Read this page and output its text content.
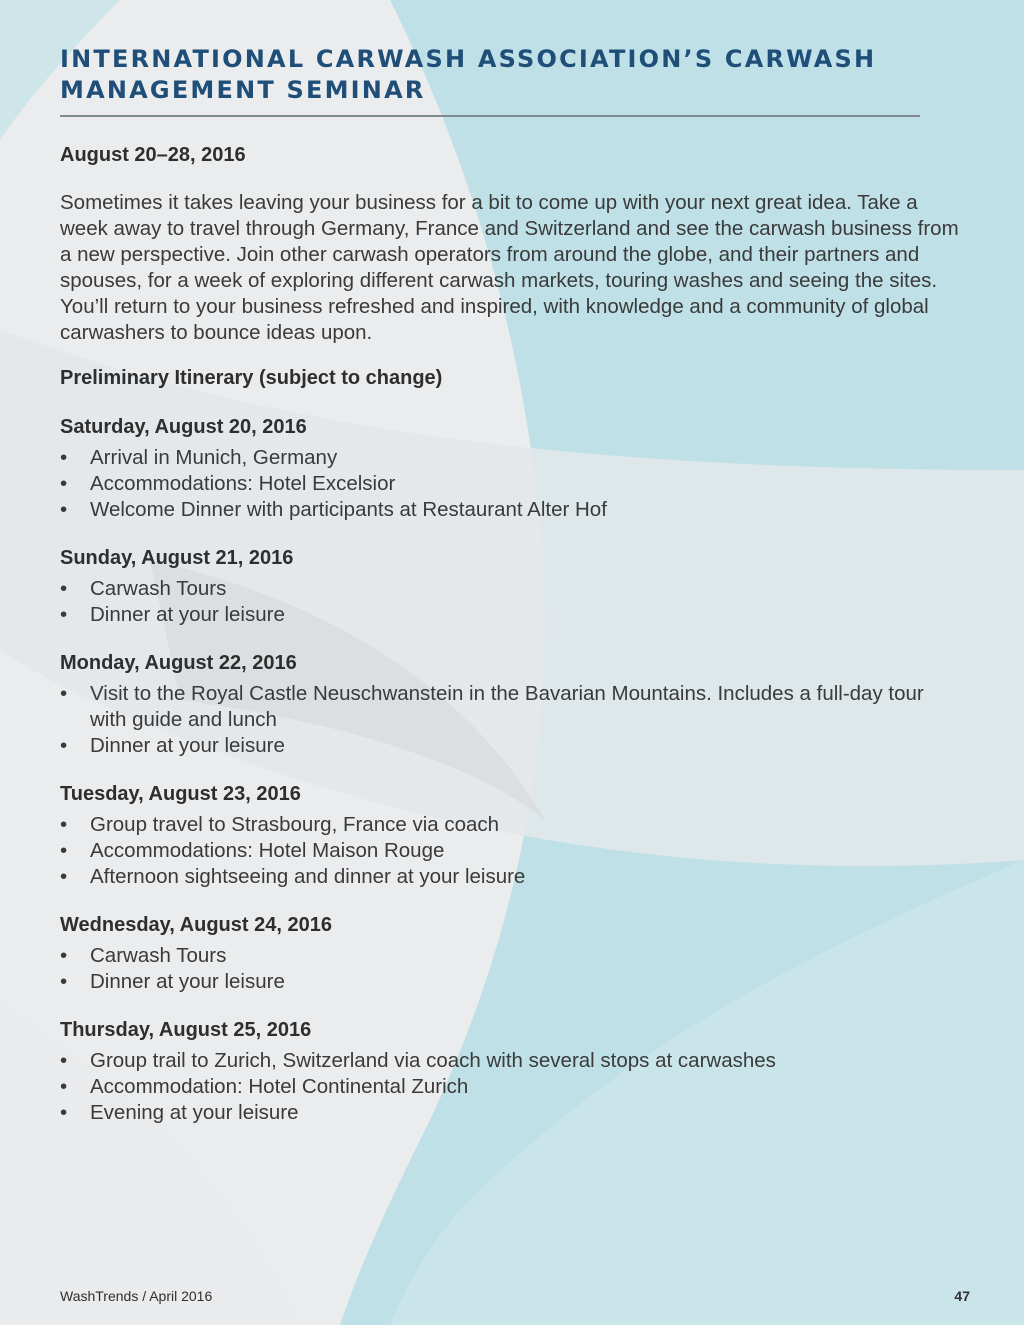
INTERNATIONAL CARWASH ASSOCIATION’S CARWASH MANAGEMENT SEMINAR

August 20–28, 2016

Sometimes it takes leaving your business for a bit to come up with your next great idea. Take a week away to travel through Germany, France and Switzerland and see the carwash business from a new perspective. Join other carwash operators from around the globe, and their partners and spouses, for a week of exploring different carwash markets, touring washes and seeing the sites. You’ll return to your business refreshed and inspired, with knowledge and a community of global carwashers to bounce ideas upon.

Preliminary Itinerary (subject to change)

Saturday, August 20, 2016

• Arrival in Munich, Germany
• Accommodations: Hotel Excelsior
• Welcome Dinner with participants at Restaurant Alter Hof

Sunday, August 21, 2016

• Carwash Tours
• Dinner at your leisure

Monday, August 22, 2016

• Visit to the Royal Castle Neuschwanstein in the Bavarian Mountains. Includes a full-day tour with guide and lunch
• Dinner at your leisure

Tuesday, August 23, 2016

• Group travel to Strasbourg, France via coach
• Accommodations: Hotel Maison Rouge
• Afternoon sightseeing and dinner at your leisure

Wednesday, August 24, 2016

• Carwash Tours
• Dinner at your leisure

Thursday, August 25, 2016

• Group trail to Zurich, Switzerland via coach with several stops at carwashes
• Accommodation: Hotel Continental Zurich
• Evening at your leisure
WashTrends / April 2016	47
